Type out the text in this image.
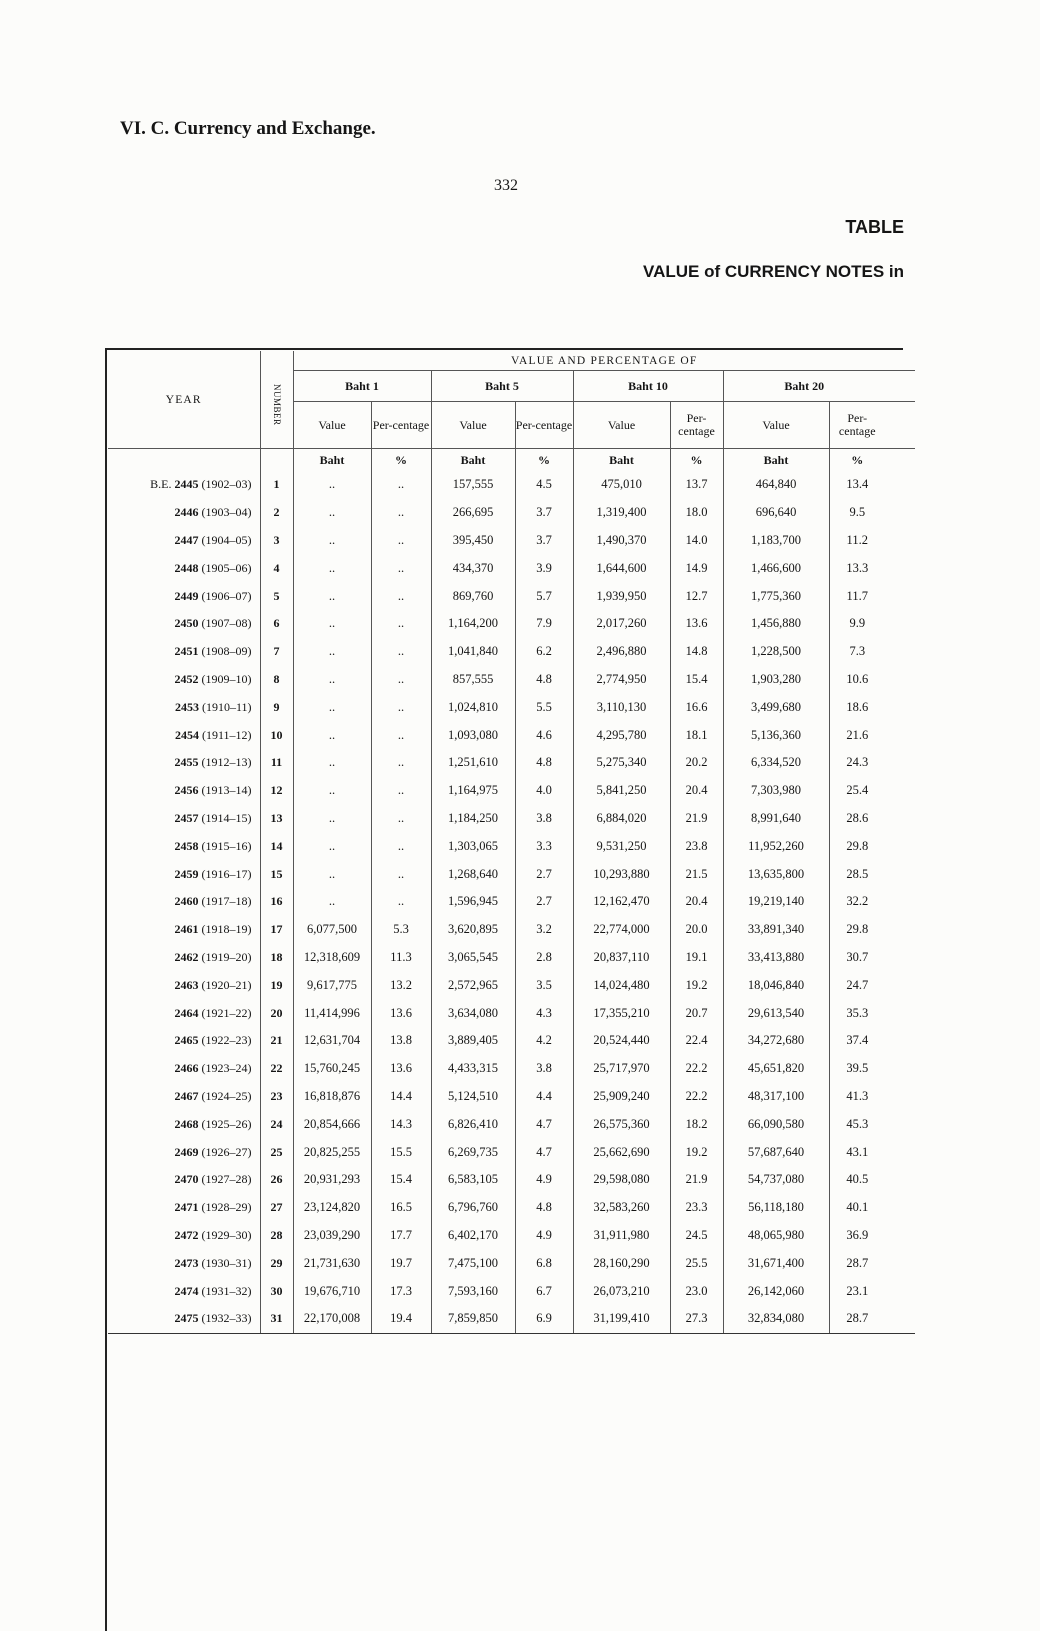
VI. C. Currency and Exchange.
332
TABLE
VALUE of CURRENCY NOTES in
YEAR	NUMBER	VALUE AND PERCENTAGE OF								
		Baht 1		Baht 5		Baht 10		Baht 20		
		Value	Per-centage	Value	Per-centage	Value	Per-centage	Value	Per-centage	
		Baht	%	Baht	%	Baht	%	Baht	%	
B.E. 2445 (1902–03)	1	..	..	157,555	4.5	475,010	13.7	464,840	13.4	
2446 (1903–04)	2	..	..	266,695	3.7	1,319,400	18.0	696,640	9.5	
2447 (1904–05)	3	..	..	395,450	3.7	1,490,370	14.0	1,183,700	11.2	
2448 (1905–06)	4	..	..	434,370	3.9	1,644,600	14.9	1,466,600	13.3	
2449 (1906–07)	5	..	..	869,760	5.7	1,939,950	12.7	1,775,360	11.7	
2450 (1907–08)	6	..	..	1,164,200	7.9	2,017,260	13.6	1,456,880	9.9	
2451 (1908–09)	7	..	..	1,041,840	6.2	2,496,880	14.8	1,228,500	7.3	
2452 (1909–10)	8	..	..	857,555	4.8	2,774,950	15.4	1,903,280	10.6	
2453 (1910–11)	9	..	..	1,024,810	5.5	3,110,130	16.6	3,499,680	18.6	
2454 (1911–12)	10	..	..	1,093,080	4.6	4,295,780	18.1	5,136,360	21.6	
2455 (1912–13)	11	..	..	1,251,610	4.8	5,275,340	20.2	6,334,520	24.3	
2456 (1913–14)	12	..	..	1,164,975	4.0	5,841,250	20.4	7,303,980	25.4	
2457 (1914–15)	13	..	..	1,184,250	3.8	6,884,020	21.9	8,991,640	28.6	
2458 (1915–16)	14	..	..	1,303,065	3.3	9,531,250	23.8	11,952,260	29.8	
2459 (1916–17)	15	..	..	1,268,640	2.7	10,293,880	21.5	13,635,800	28.5	
2460 (1917–18)	16	..	..	1,596,945	2.7	12,162,470	20.4	19,219,140	32.2	
2461 (1918–19)	17	6,077,500	5.3	3,620,895	3.2	22,774,000	20.0	33,891,340	29.8	
2462 (1919–20)	18	12,318,609	11.3	3,065,545	2.8	20,837,110	19.1	33,413,880	30.7	
2463 (1920–21)	19	9,617,775	13.2	2,572,965	3.5	14,024,480	19.2	18,046,840	24.7	
2464 (1921–22)	20	11,414,996	13.6	3,634,080	4.3	17,355,210	20.7	29,613,540	35.3	
2465 (1922–23)	21	12,631,704	13.8	3,889,405	4.2	20,524,440	22.4	34,272,680	37.4	
2466 (1923–24)	22	15,760,245	13.6	4,433,315	3.8	25,717,970	22.2	45,651,820	39.5	
2467 (1924–25)	23	16,818,876	14.4	5,124,510	4.4	25,909,240	22.2	48,317,100	41.3	
2468 (1925–26)	24	20,854,666	14.3	6,826,410	4.7	26,575,360	18.2	66,090,580	45.3	
2469 (1926–27)	25	20,825,255	15.5	6,269,735	4.7	25,662,690	19.2	57,687,640	43.1	
2470 (1927–28)	26	20,931,293	15.4	6,583,105	4.9	29,598,080	21.9	54,737,080	40.5	
2471 (1928–29)	27	23,124,820	16.5	6,796,760	4.8	32,583,260	23.3	56,118,180	40.1	
2472 (1929–30)	28	23,039,290	17.7	6,402,170	4.9	31,911,980	24.5	48,065,980	36.9	
2473 (1930–31)	29	21,731,630	19.7	7,475,100	6.8	28,160,290	25.5	31,671,400	28.7	
2474 (1931–32)	30	19,676,710	17.3	7,593,160	6.7	26,073,210	23.0	26,142,060	23.1	
2475 (1932–33)	31	22,170,008	19.4	7,859,850	6.9	31,199,410	27.3	32,834,080	28.7	
